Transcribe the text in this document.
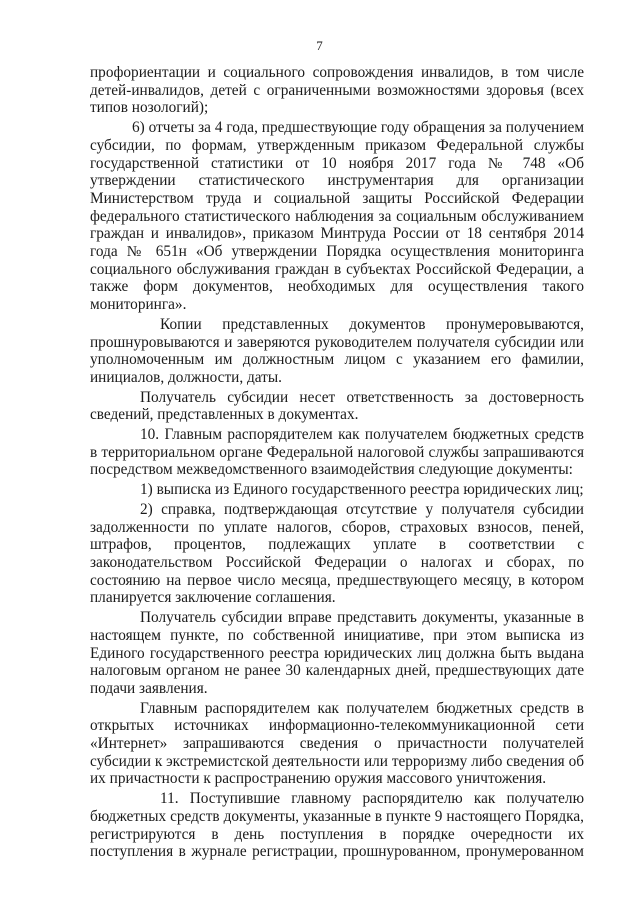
7

профориентации и социального сопровождения инвалидов, в том числе детей-инвалидов, детей с ограниченными возможностями здоровья (всех типов нозологий);

6) отчеты за 4 года, предшествующие году обращения за получением субсидии, по формам, утвержденным приказом Федеральной службы государственной статистики от 10 ноября 2017 года № 748 «Об утверждении статистического инструментария для организации Министерством труда и социальной защиты Российской Федерации федерального статистического наблюдения за социальным обслуживанием граждан и инвалидов», приказом Минтруда России от 18 сентября 2014 года № 651н «Об утверждении Порядка осуществления мониторинга социального обслуживания граждан в субъектах Российской Федерации, а также форм документов, необходимых для осуществления такого мониторинга».

Копии представленных документов пронумеровываются, прошнуровываются и заверяются руководителем получателя субсидии или уполномоченным им должностным лицом с указанием его фамилии, инициалов, должности, даты.

Получатель субсидии несет ответственность за достоверность сведений, представленных в документах.

10. Главным распорядителем как получателем бюджетных средств в территориальном органе Федеральной налоговой службы запрашиваются посредством межведомственного взаимодействия следующие документы:

1) выписка из Единого государственного реестра юридических лиц;

2) справка, подтверждающая отсутствие у получателя субсидии задолженности по уплате налогов, сборов, страховых взносов, пеней, штрафов, процентов, подлежащих уплате в соответствии с законодательством Российской Федерации о налогах и сборах, по состоянию на первое число месяца, предшествующего месяцу, в котором планируется заключение соглашения.

Получатель субсидии вправе представить документы, указанные в настоящем пункте, по собственной инициативе, при этом выписка из Единого государственного реестра юридических лиц должна быть выдана налоговым органом не ранее 30 календарных дней, предшествующих дате подачи заявления.

Главным распорядителем как получателем бюджетных средств в открытых источниках информационно-телекоммуникационной сети «Интернет» запрашиваются сведения о причастности получателей субсидии к экстремистской деятельности или терроризму либо сведения об их причастности к распространению оружия массового уничтожения.

11. Поступившие главному распорядителю как получателю бюджетных средств документы, указанные в пункте 9 настоящего Порядка, регистрируются в день поступления в порядке очередности их поступления в журнале регистрации, прошнурованном, пронумерованном
